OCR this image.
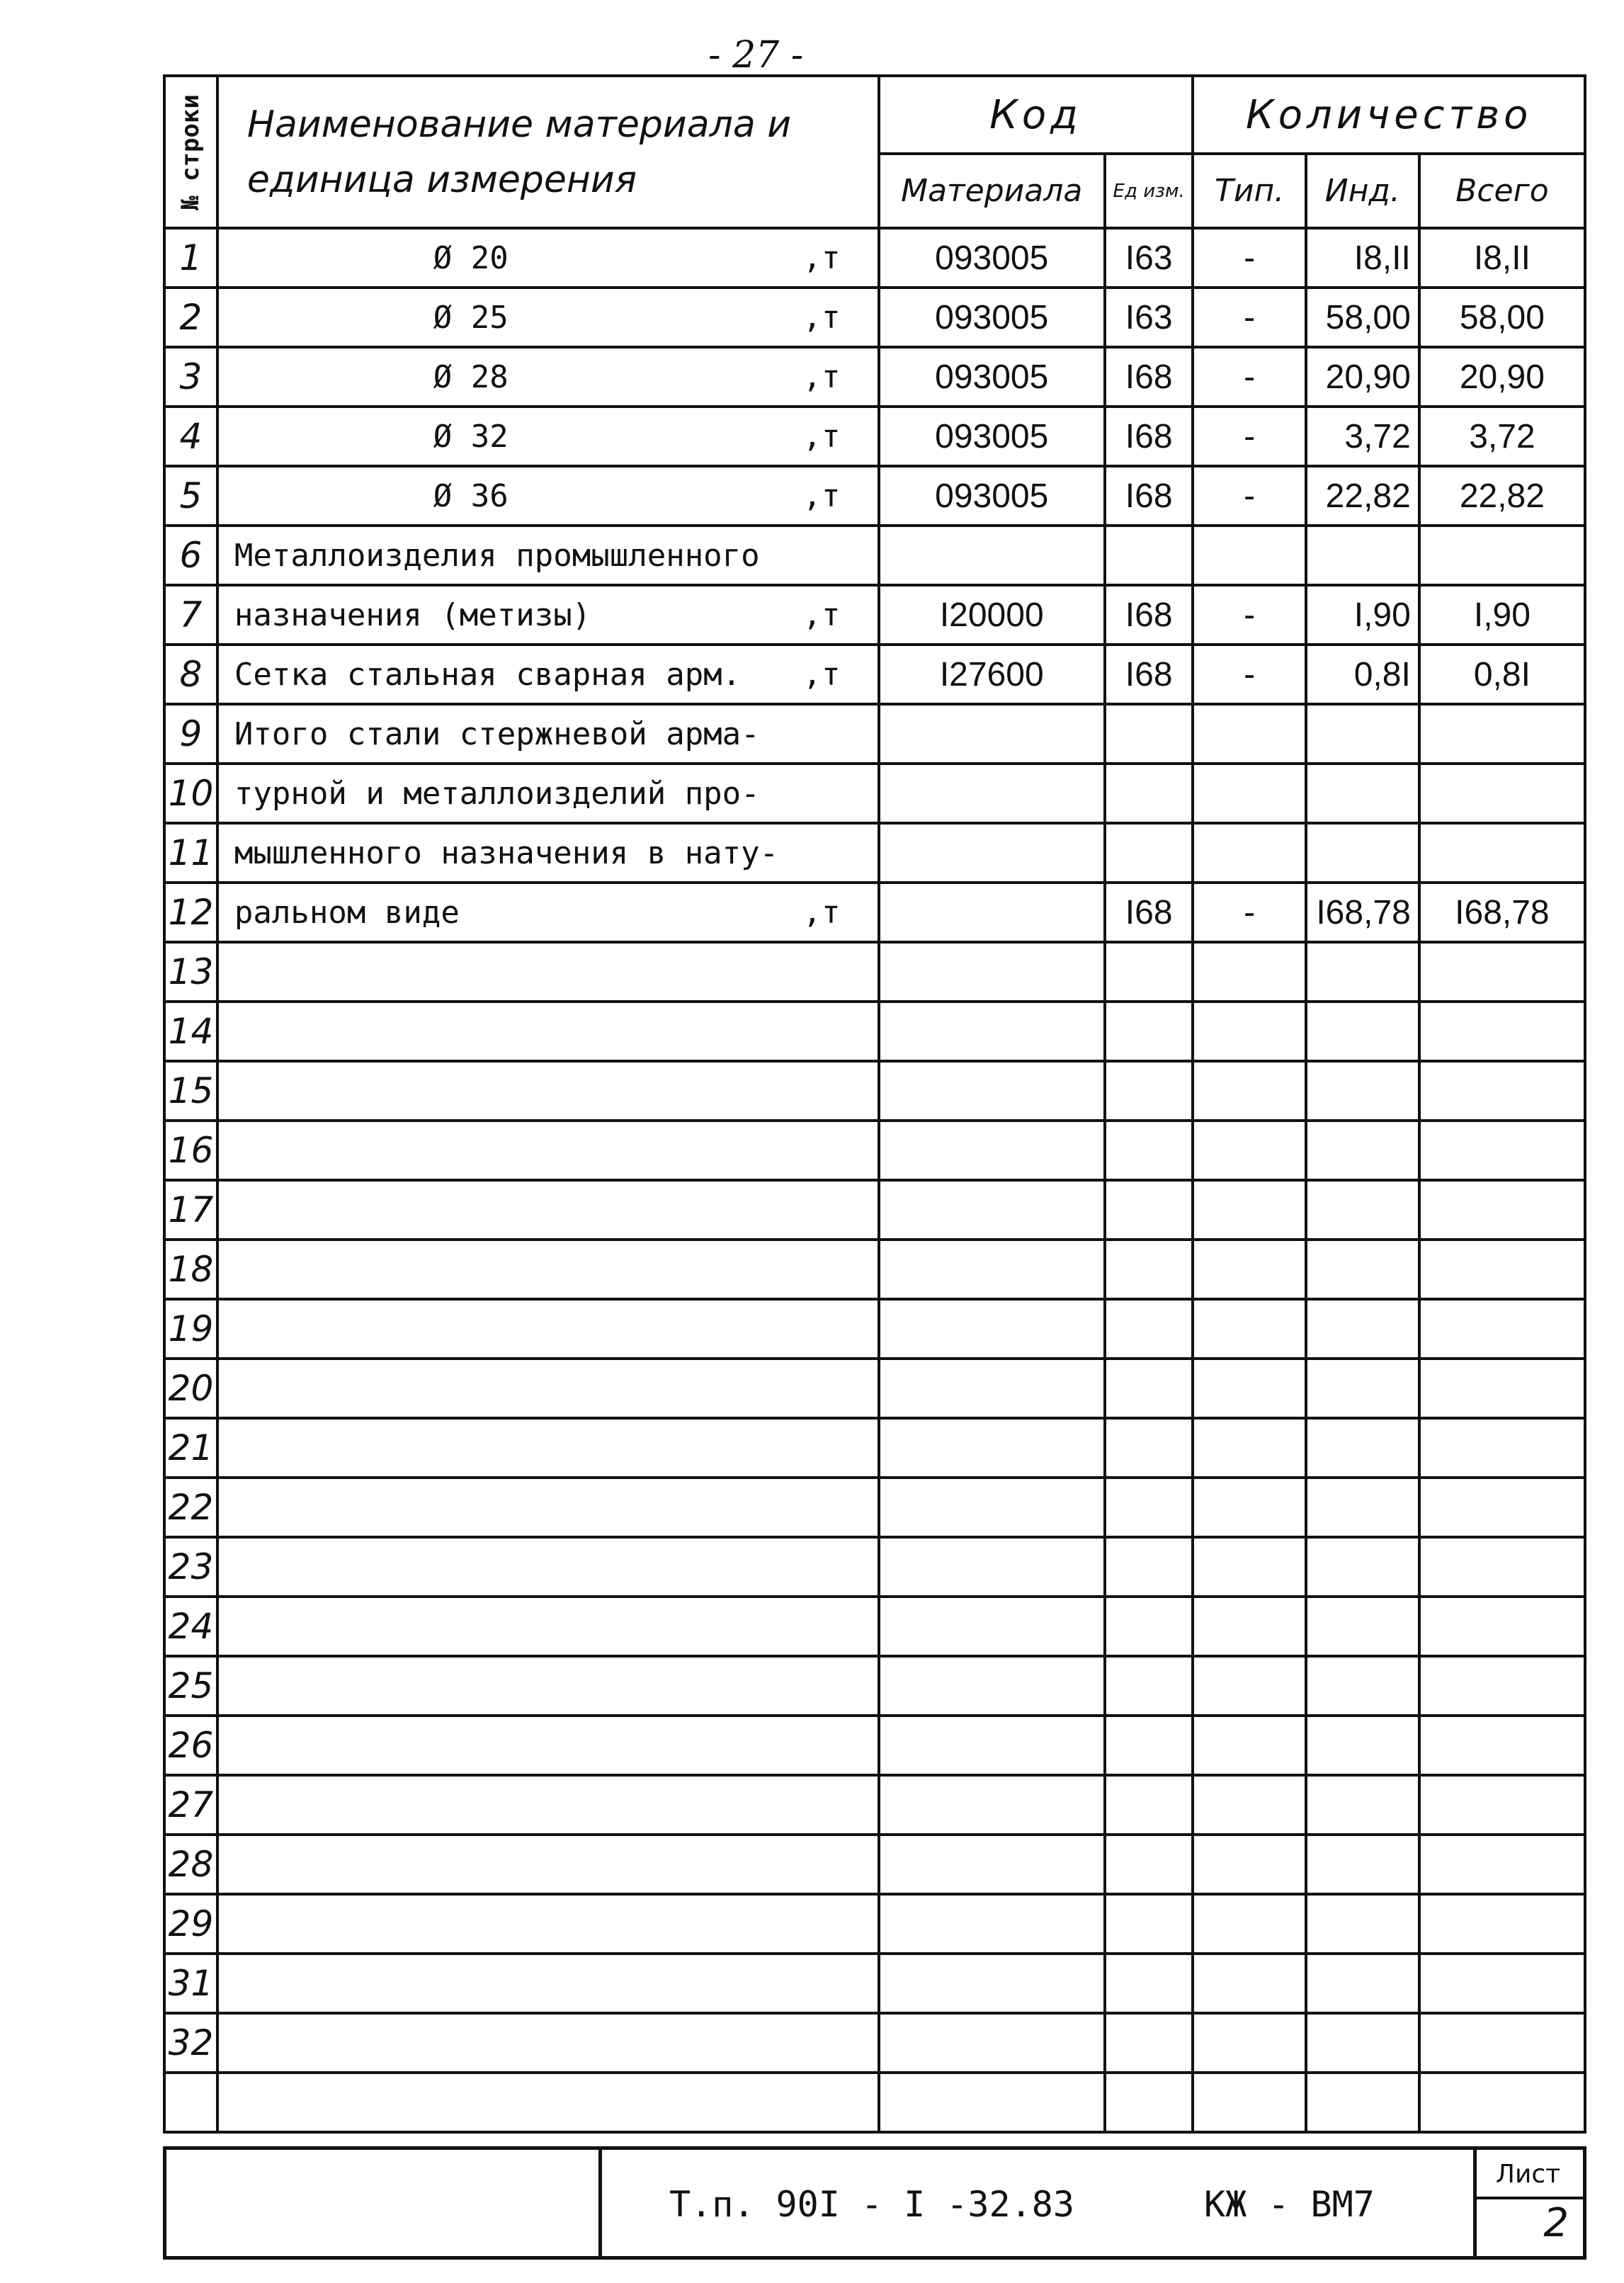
- 27 -
№ строки	Наименование материала и единица измерения	Код		Количество		
		Материала	Ед изм.	Тип.	Инд.	Всего
1	Ø 20 ,т	093005	I63	-	I8,II	I8,II
2	Ø 25 ,т	093005	I63	-	58,00	58,00
3	Ø 28 ,т	093005	I68	-	20,90	20,90
4	Ø 32 ,т	093005	I68	-	3,72	3,72
5	Ø 36 ,т	093005	I68	-	22,82	22,82
6	Металлоизделия промышленного

7	назначения (метизы) ,т	I20000	I68	-	I,90	I,90
8	Сетка стальная сварная арм. ,т	I27600	I68	-	0,8I	0,8I
9	Итого стали стержневой арма-

10	турной и металлоизделий про-

11	мышленного назначения в нату-

12	ральном виде ,т		I68	-	I68,78	I68,78
13	

14	

15	

16	

17	

18	

19	

20	

21	

22	

23	

24	

25	

26	

27	

28	

29	

31	

32	

Т.п. 90I - I -32.83	КЖ - ВМ7
Лист
2
